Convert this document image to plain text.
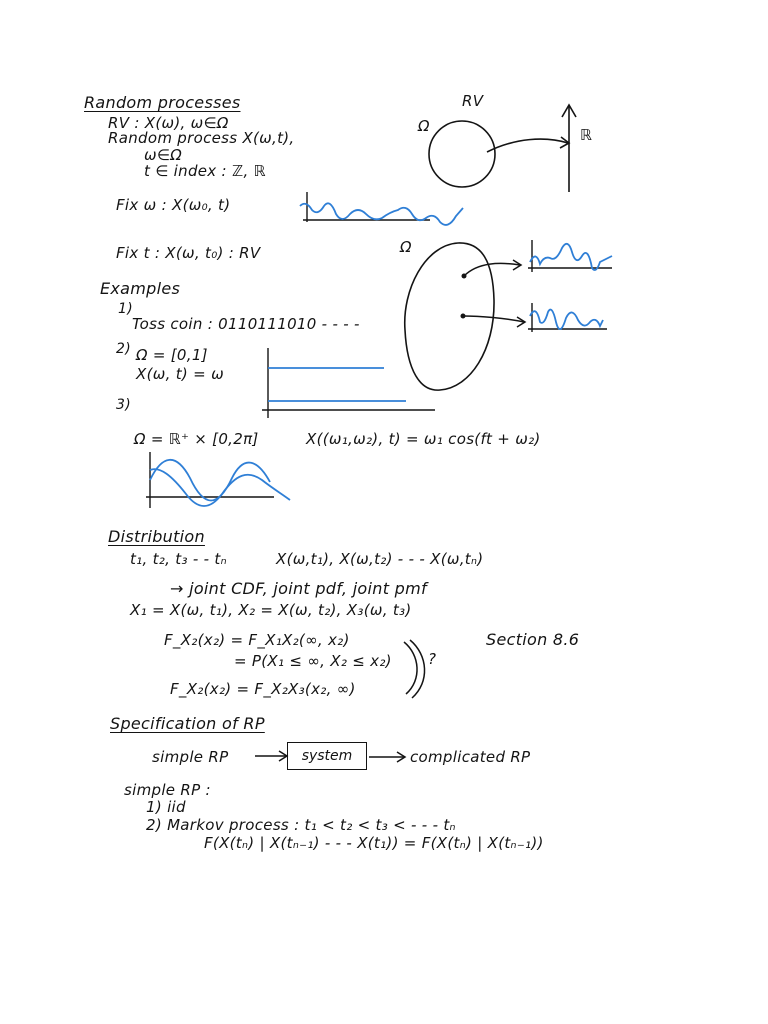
Random processes
RV : X(ω), ω∈Ω
Random process X(ω,t),
ω∈Ω
t ∈ index : ℤ, ℝ
RV
Ω	ℝ
Fix ω : X(ω₀, t)
Fix t : X(ω, t₀) : RV	Ω
Examples
1)
Toss coin : 0110111010 - - - -
2) Ω = [0,1]
X(ω, t) = ω
3)
Ω = ℝ⁺ × [0,2π]	X((ω₁,ω₂), t) = ω₁ cos(ft + ω₂)
Distribution
t₁, t₂, t₃ - - tₙ	X(ω,t₁), X(ω,t₂) - - - X(ω,tₙ)
→ joint CDF, joint pdf, joint pmf
X₁ = X(ω, t₁), X₂ = X(ω, t₂), X₃(ω, t₃)
F_X₂(x₂) = F_X₁X₂(∞, x₂)
= P(X₁ ≤ ∞, X₂ ≤ x₂)
F_X₂(x₂) = F_X₂X₃(x₂, ∞)
?
Section 8.6
Specification of RP
simple RP	system	complicated RP
simple RP :
1) iid
2) Markov process : t₁ < t₂ < t₃ < - - - tₙ
F(X(tₙ) | X(tₙ₋₁) - - - X(t₁)) = F(X(tₙ) | X(tₙ₋₁))
